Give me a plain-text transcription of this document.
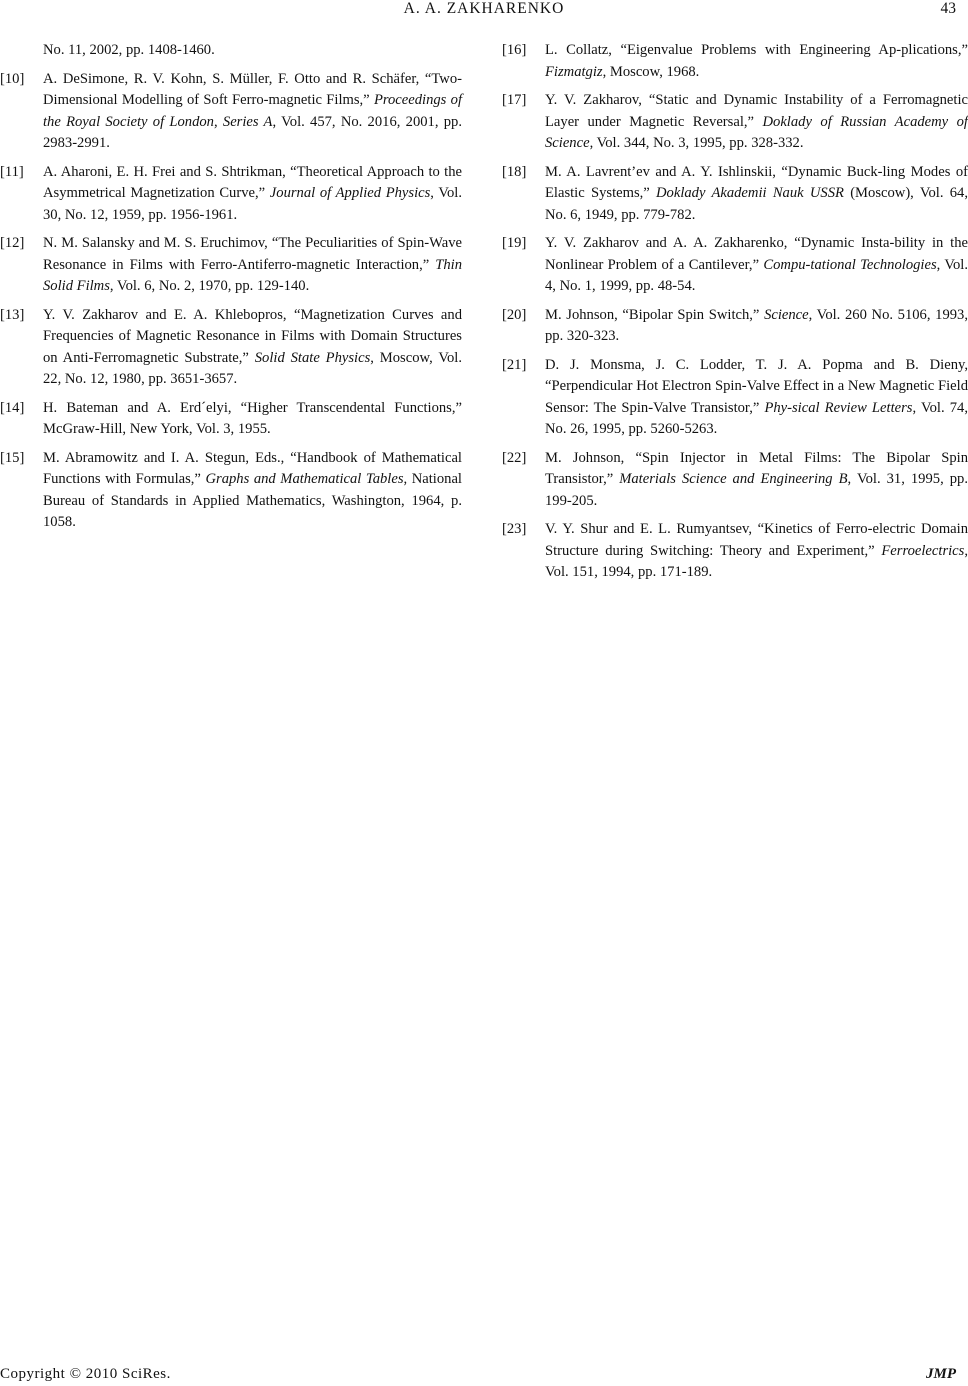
A. A. ZAKHARENKO	43
No. 11, 2002, pp. 1408-1460.
[10]	A. DeSimone, R. V. Kohn, S. Müller, F. Otto and R. Schäfer, “Two-Dimensional Modelling of Soft Ferro-magnetic Films,” Proceedings of the Royal Society of London, Series A, Vol. 457, No. 2016, 2001, pp. 2983-2991.
[11]	A. Aharoni, E. H. Frei and S. Shtrikman, “Theoretical Approach to the Asymmetrical Magnetization Curve,” Journal of Applied Physics, Vol. 30, No. 12, 1959, pp. 1956-1961.
[12]	N. M. Salansky and M. S. Eruchimov, “The Peculiarities of Spin-Wave Resonance in Films with Ferro-Antiferro-magnetic Interaction,” Thin Solid Films, Vol. 6, No. 2, 1970, pp. 129-140.
[13]	Y. V. Zakharov and E. A. Khlebopros, “Magnetization Curves and Frequencies of Magnetic Resonance in Films with Domain Structures on Anti-Ferromagnetic Substrate,” Solid State Physics, Moscow, Vol. 22, No. 12, 1980, pp. 3651-3657.
[14]	H. Bateman and A. Erd´elyi, “Higher Transcendental Functions,” McGraw-Hill, New York, Vol. 3, 1955.
[15]	M. Abramowitz and I. A. Stegun, Eds., “Handbook of Mathematical Functions with Formulas,” Graphs and Mathematical Tables, National Bureau of Standards in Applied Mathematics, Washington, 1964, p. 1058.
[16]	L. Collatz, “Eigenvalue Problems with Engineering Ap-plications,” Fizmatgiz, Moscow, 1968.
[17]	Y. V. Zakharov, “Static and Dynamic Instability of a Ferromagnetic Layer under Magnetic Reversal,” Doklady of Russian Academy of Science, Vol. 344, No. 3, 1995, pp. 328-332.
[18]	M. A. Lavrent’ev and A. Y. Ishlinskii, “Dynamic Buck-ling Modes of Elastic Systems,” Doklady Akademii Nauk USSR (Moscow), Vol. 64, No. 6, 1949, pp. 779-782.
[19]	Y. V. Zakharov and A. A. Zakharenko, “Dynamic Insta-bility in the Nonlinear Problem of a Cantilever,” Compu-tational Technologies, Vol. 4, No. 1, 1999, pp. 48-54.
[20]	M. Johnson, “Bipolar Spin Switch,” Science, Vol. 260 No. 5106, 1993, pp. 320-323.
[21]	D. J. Monsma, J. C. Lodder, T. J. A. Popma and B. Dieny, “Perpendicular Hot Electron Spin-Valve Effect in a New Magnetic Field Sensor: The Spin-Valve Transistor,” Phy-sical Review Letters, Vol. 74, No. 26, 1995, pp. 5260-5263.
[22]	M. Johnson, “Spin Injector in Metal Films: The Bipolar Spin Transistor,” Materials Science and Engineering B, Vol. 31, 1995, pp. 199-205.
[23]	V. Y. Shur and E. L. Rumyantsev, “Kinetics of Ferro-electric Domain Structure during Switching: Theory and Experiment,” Ferroelectrics, Vol. 151, 1994, pp. 171-189.
Copyright © 2010 SciRes.	JMP
